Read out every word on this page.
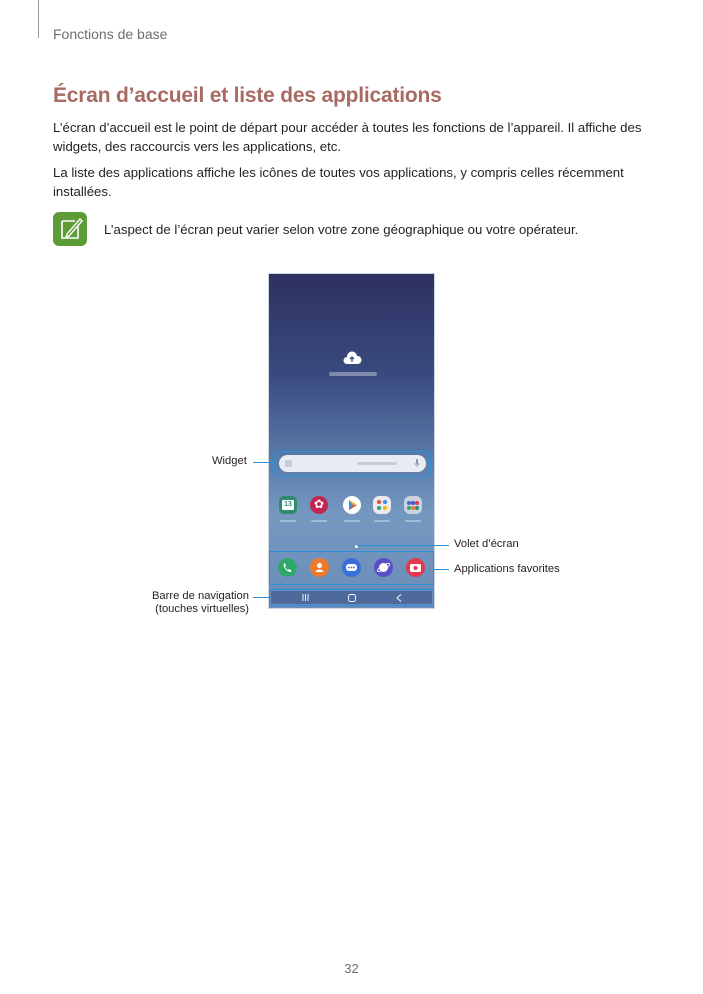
Fonctions de base
Écran d’accueil et liste des applications

L’écran d’accueil est le point de départ pour accéder à toutes les fonctions de l’appareil. Il affiche des widgets, des raccourcis vers les applications, etc.

La liste des applications affiche les icônes de toutes vos applications, y compris celles récemment installées.

L’aspect de l’écran peut varier selon votre zone géographique ou votre opérateur.
13	✿
Widget
Volet d’écran
Applications favorites
Barre de navigation
(touches virtuelles)
32
